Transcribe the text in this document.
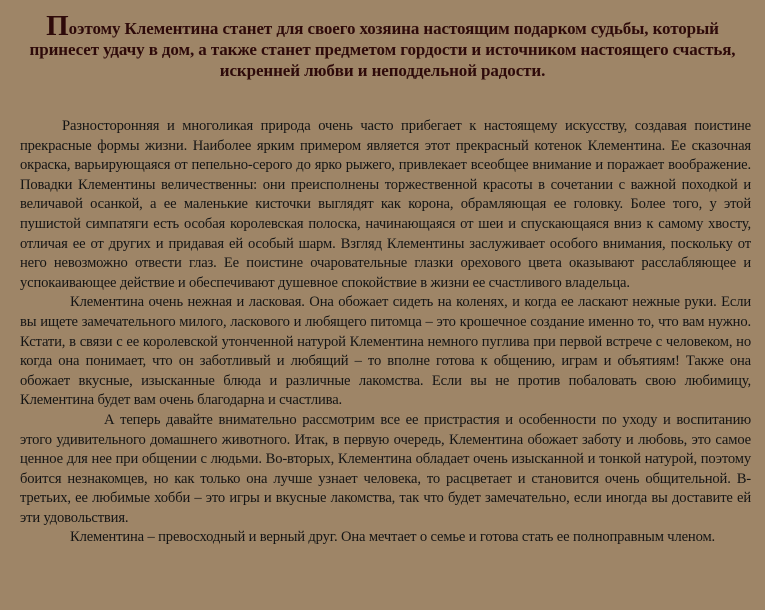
Поэтому Клементина станет для своего хозяина настоящим подарком судьбы, который принесет удачу в дом, а также станет предметом гордости и источником настоящего счастья, искренней любви и неподдельной радости.

Разносторонняя и многоликая природа очень часто прибегает к настоящему искусству, создавая поистине прекрасные формы жизни. Наиболее ярким примером является этот прекрасный котенок Клементина. Ее сказочная окраска, варьирующаяся от пепельно-серого до ярко рыжего, привлекает всеобщее внимание и поражает воображение. Повадки Клементины величественны: они преисполнены торжественной красоты в сочетании с важной походкой и величавой осанкой, а ее маленькие кисточки выглядят как корона, обрамляющая ее головку. Более того, у этой пушистой симпатяги есть особая королевская полоска, начинающаяся от шеи и спускающаяся вниз к самому хвосту, отличая ее от других и придавая ей особый шарм. Взгляд Клементины заслуживает особого внимания, поскольку от него невозможно отвести глаз. Ее поистине очаровательные глазки орехового цвета оказывают расслабляющее и успокаивающее действие и обеспечивают душевное спокойствие в жизни ее счастливого владельца.

Клементина очень нежная и ласковая. Она обожает сидеть на коленях, и когда ее ласкают нежные руки. Если вы ищете замечательного милого, ласкового и любящего питомца – это крошечное создание именно то, что вам нужно. Кстати, в связи с ее королевской утонченной натурой Клементина немного пуглива при первой встрече с человеком, но когда она понимает, что он заботливый и любящий – то вполне готова к общению, играм и объятиям! Также она обожает вкусные, изысканные блюда и различные лакомства. Если вы не против побаловать свою любимицу, Клементина будет вам очень благодарна и счастлива.

А теперь давайте внимательно рассмотрим все ее пристрастия и особенности по уходу и воспитанию этого удивительного домашнего животного. Итак, в первую очередь, Клементина обожает заботу и любовь, это самое ценное для нее при общении с людьми. Во-вторых, Клементина обладает очень изысканной и тонкой натурой, поэтому боится незнакомцев, но как только она лучше узнает человека, то расцветает и становится очень общительной. В-третьих, ее любимые хобби – это игры и вкусные лакомства, так что будет замечательно, если иногда вы доставите ей эти удовольствия.

Клементина – превосходный и верный друг. Она мечтает о семье и готова стать ее полноправным членом.
